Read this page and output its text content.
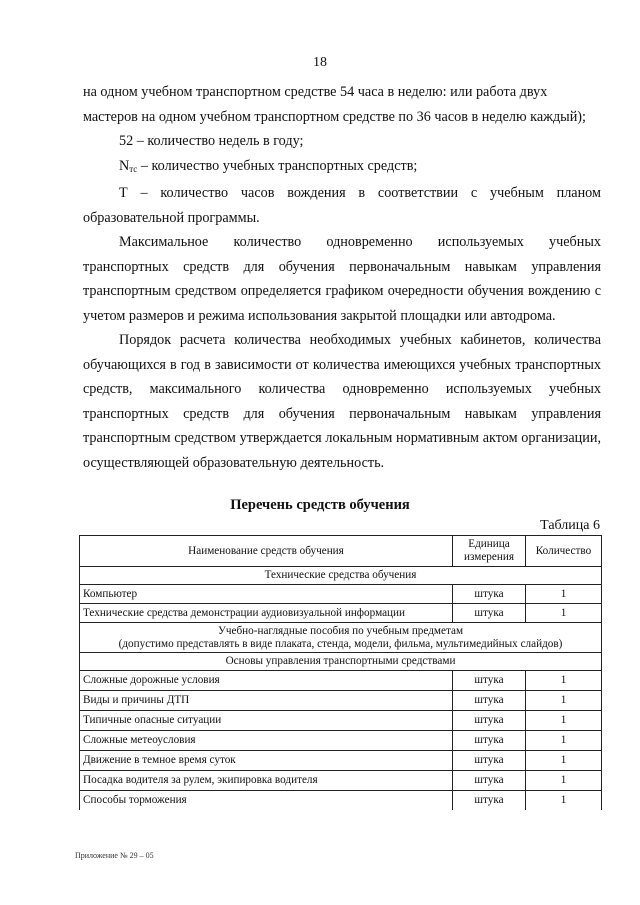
18

на одном учебном транспортном средстве 54 часа в неделю: или работа двух

мастеров на одном учебном транспортном средстве по 36 часов в неделю каждый);

52 – количество недель в году;

$N_{тс}$ – количество учебных транспортных средств;

Т – количество часов вождения в соответствии с учебным планом образовательной программы.

Максимальное количество одновременно используемых учебных транспортных средств для обучения первоначальным навыкам управления транспортным средством определяется графиком очередности обучения вождению с учетом размеров и режима использования закрытой площадки или автодрома.

Порядок расчета количества необходимых учебных кабинетов, количества обучающихся в год в зависимости от количества имеющихся учебных транспортных средств, максимального количества одновременно используемых учебных транспортных средств для обучения первоначальным навыкам управления транспортным средством утверждается локальным нормативным актом организации, осуществляющей образовательную деятельность.

Перечень средств обучения
Таблица 6
Наименование средств обучения	Единица измерения	Количество
Технические средства обучения		
Компьютер	штука	1
Технические средства демонстрации аудиовизуальной информации	штука	1

Учебно-наглядные пособия по учебным предметам
(допустимо представлять в виде плаката, стенда, модели, фильма, мультимедийных слайдов)		

Основы управления транспортными средствами		
Сложные дорожные условия	штука	1
Виды и причины ДТП	штука	1
Типичные опасные ситуации	штука	1
Сложные метеоусловия	штука	1
Движение в темное время суток	штука	1
Посадка водителя за рулем, экипировка водителя	штука	1
Способы торможения	штука	1
Приложение № 29 – 05
